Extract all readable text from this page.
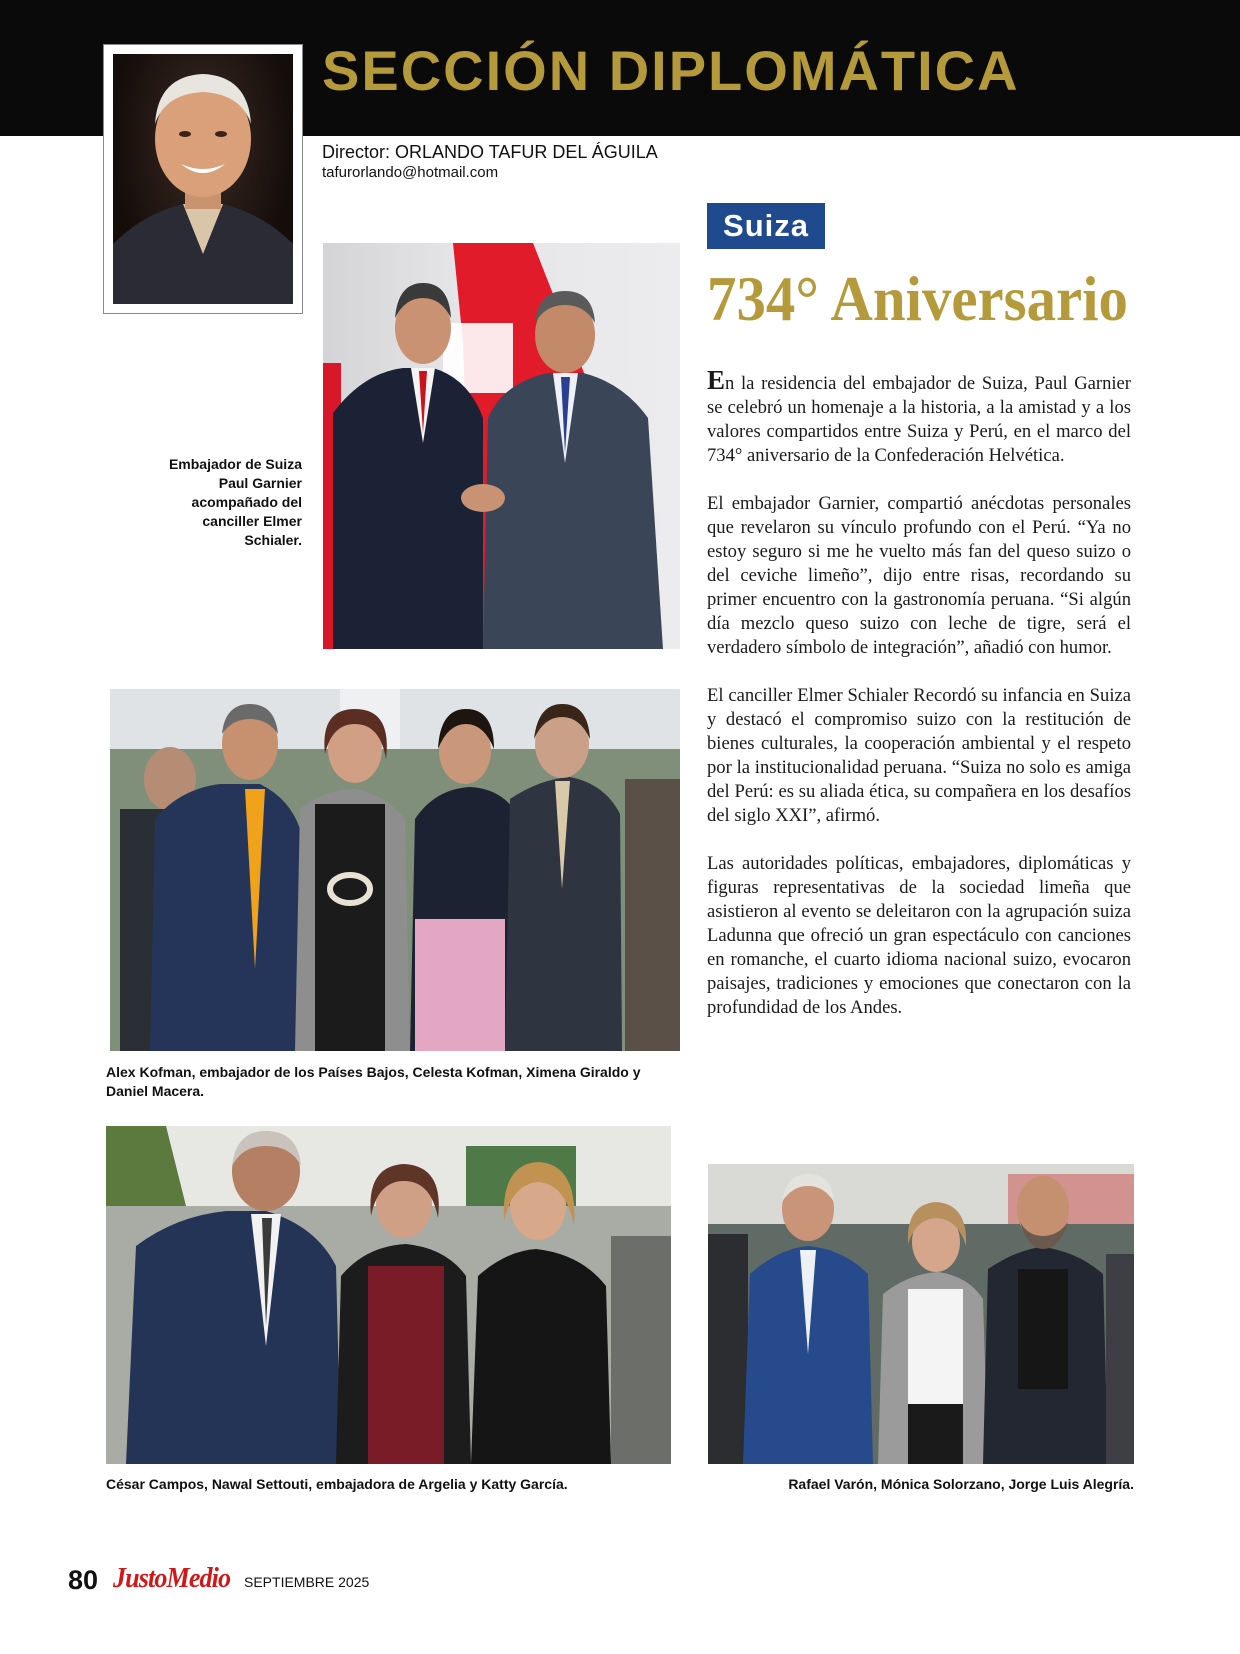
SECCIÓN DIPLOMÁTICA
Director: ORLANDO TAFUR DEL ÁGUILA
tafurorlando@hotmail.com
Suiza
734° Aniversario

En la residencia del embajador de Suiza, Paul Garnier se celebró un homenaje a la historia, a la amistad y a los valores compartidos entre Suiza y Perú, en el marco del 734° aniversario de la Confederación Helvética.

El embajador Garnier, compartió anécdotas personales que revelaron su vínculo profundo con el Perú. “Ya no estoy seguro si me he vuelto más fan del queso suizo o del ceviche limeño”, dijo entre risas, recordando su primer encuentro con la gastronomía peruana. “Si algún día mezclo queso suizo con leche de tigre, será el verdadero símbolo de integración”, añadió con humor.

El canciller Elmer Schialer Recordó su infancia en Suiza y destacó el compromiso suizo con la restitución de bienes culturales, la cooperación ambiental y el respeto por la institucionalidad peruana. “Suiza no solo es amiga del Perú: es su aliada ética, su compañera en los desafíos del siglo XXI”, afirmó.

Las autoridades políticas, embajadores, diplomáticas y figuras representativas de la sociedad limeña que asistieron al evento se deleitaron con la agrupación suiza Ladunna que ofreció un gran espectáculo con canciones en romanche, el cuarto idioma nacional suizo, evocaron paisajes, tradiciones y emociones que conectaron con la profundidad de los Andes.

Embajador de Suiza Paul Garnier acompañado del canciller Elmer Schialer.
Alex Kofman, embajador de los Países Bajos, Celesta Kofman, Ximena Giraldo y Daniel Macera.
César Campos, Nawal Settouti, embajadora de Argelia y Katty García.	Rafael Varón, Mónica Solorzano, Jorge Luis Alegría.
80 JustoMedio SEPTIEMBRE 2025
